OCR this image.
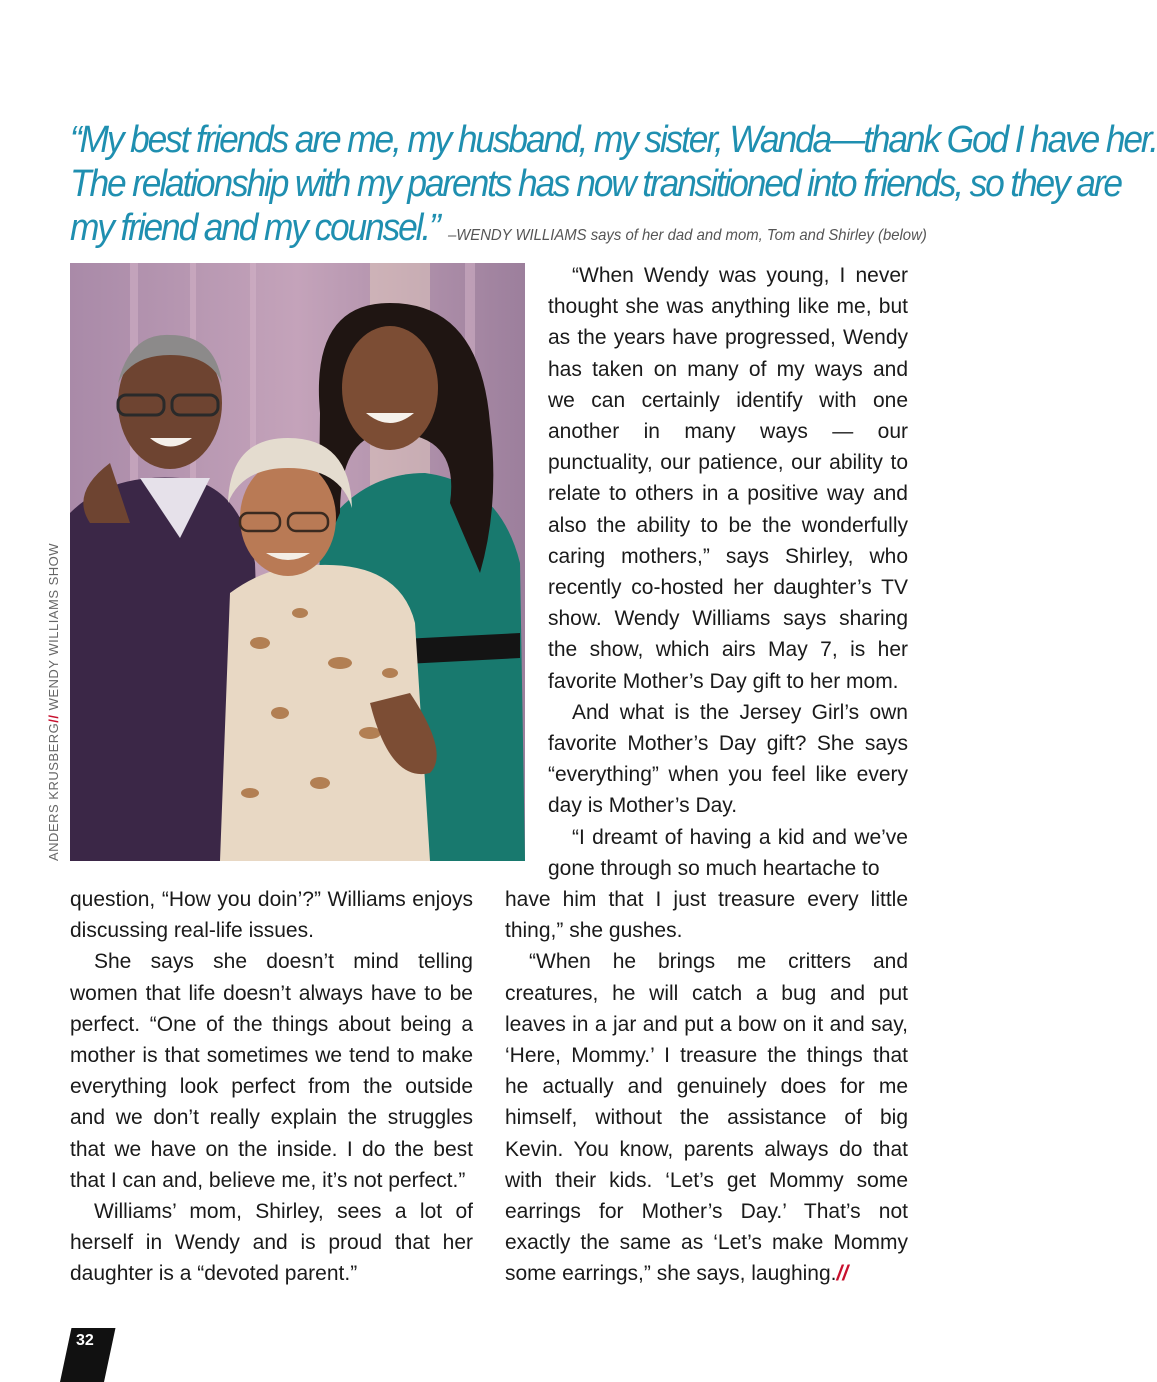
“My best friends are me, my husband, my sister, Wanda—thank God I have her.
The relationship with my parents has now transitioned into friends, so they are
my friend and my counsel.” –WENDY WILLIAMS says of her dad and mom, Tom and Shirley (below)
ANDERS KRUSBERG// WENDY WILLIAMS SHOW

“When Wendy was young, I never thought she was anything like me, but as the years have progressed, Wendy has taken on many of my ways and we can certainly identify with one another in many ways — our punctuality, our patience, our ability to relate to others in a positive way and also the ability to be the wonderfully caring mothers,” says Shirley, who recently co-hosted her daughter’s TV show. Wendy Williams says sharing the show, which airs May 7, is her favorite Mother’s Day gift to her mom.

And what is the Jersey Girl’s own favorite Mother’s Day gift? She says “everything” when you feel like every day is Mother’s Day.

“I dreamt of having a kid and we’ve gone through so much heartache to

have him that I just treasure every little thing,” she gushes.

“When he brings me critters and creatures, he will catch a bug and put leaves in a jar and put a bow on it and say, ‘Here, Mommy.’ I treasure the things that he actually and genuinely does for me himself, without the assistance of big Kevin. You know, parents always do that with their kids. ‘Let’s get Mommy some earrings for Mother’s Day.’ That’s not exactly the same as ‘Let’s make Mommy some earrings,” she says, laughing.//

question, “How you doin’?” Williams enjoys discussing real-life issues.

She says she doesn’t mind telling women that life doesn’t always have to be perfect. “One of the things about being a mother is that sometimes we tend to make everything look perfect from the outside and we don’t really explain the struggles that we have on the inside. I do the best that I can and, believe me, it’s not perfect.”

Williams’ mom, Shirley, sees a lot of herself in Wendy and is proud that her daughter is a “devoted parent.”

32
